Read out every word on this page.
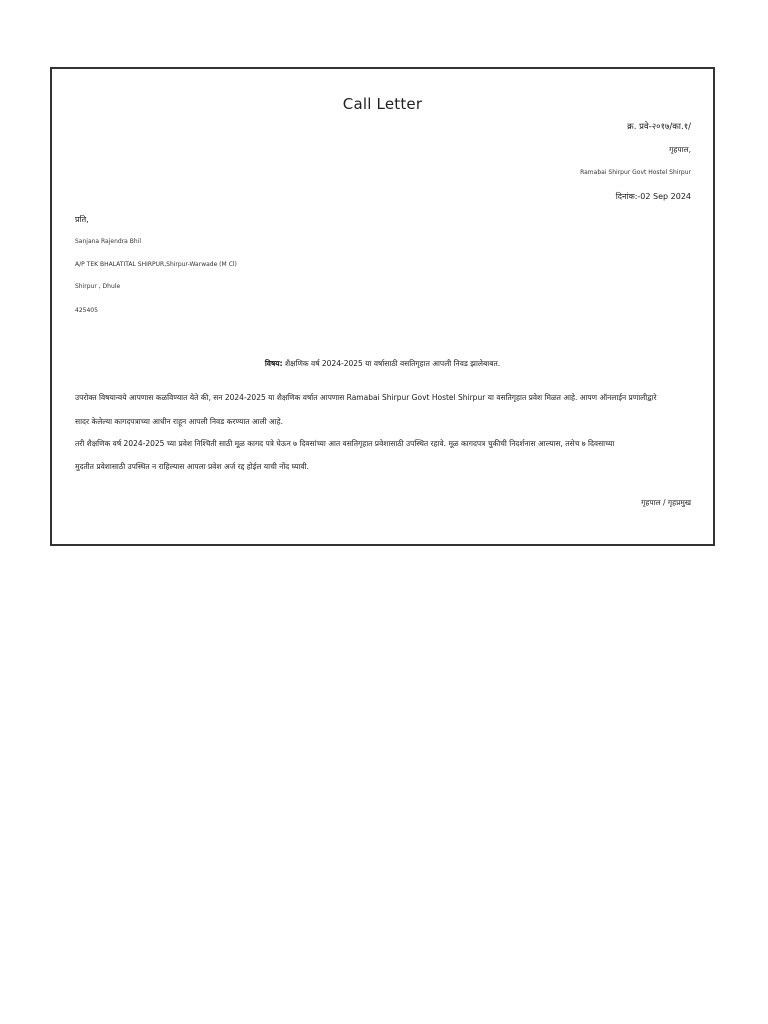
Call Letter
क्र. प्रवे-२०१७/का.१/
गृहपाल,
Ramabai Shirpur Govt Hostel Shirpur
दिनांक:-02 Sep 2024
प्रति,
Sanjana Rajendra Bhil
A/P TEK BHALATITAL SHIRPUR,Shirpur-Warwade (M Cl)
Shirpur , Dhule
425405
विषय: शैक्षणिक वर्ष 2024-2025 या वर्षासाठी वसतिगृहात आपली निवड झालेबाबत.
उपरोक्त विषयान्वये आपणास कळविण्यात येते की, सन 2024-2025 या शैक्षणिक वर्षात आपणास Ramabai Shirpur Govt Hostel Shirpur या वसतिगृहात प्रवेश मिळत आहे. आपण ऑनलाईन प्रणालीद्वारे
सादर केलेल्या कागदपत्राच्या आधीन राहून आपली निवड करण्यात आली आहे.
तरी शैक्षणिक वर्ष 2024-2025 च्या प्रवेश निश्चिती साठी मूळ कागद पत्रे घेऊन ७ दिवसांच्या आत वसतिगृहात प्रवेशासाठी उपस्थित रहावे. मूळ कागदपत्र चुकीची निदर्शनास आल्यास, तसेच ७ दिवसाच्या
मुदतीत प्रवेशासाठी उपस्थित न राहिल्यास आपला प्रवेश अर्ज रद्द होईल याची नोंद घ्यावी.
गृहपाल / गृहप्रमुख
